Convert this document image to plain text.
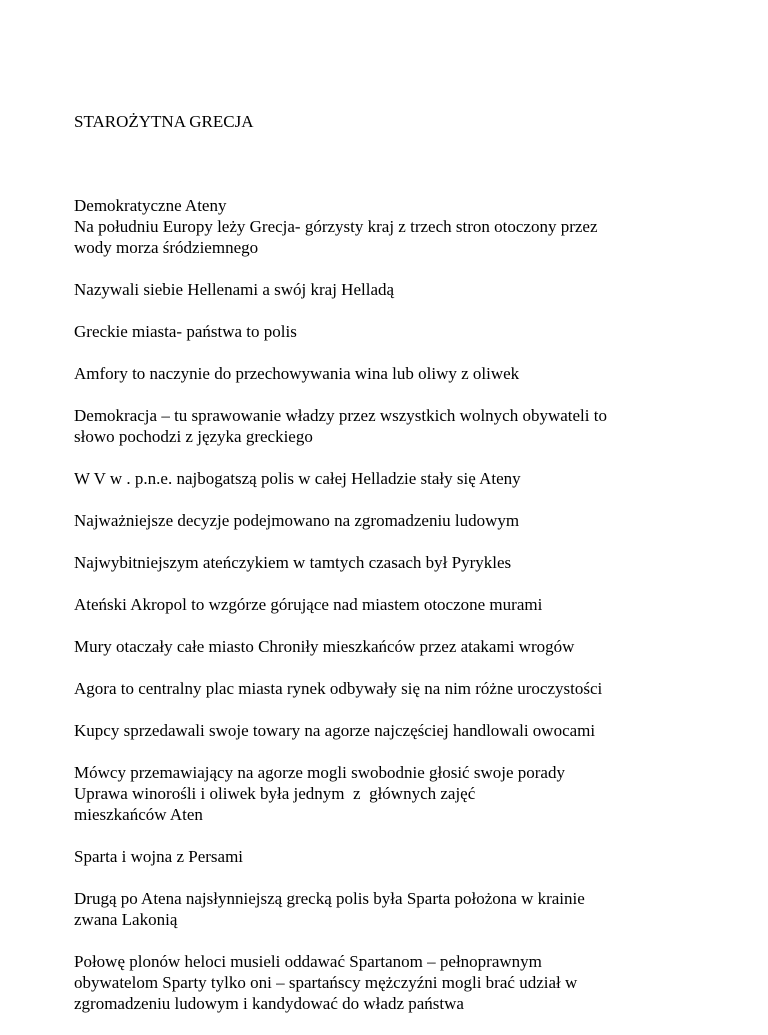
STAROŻYTNA GRECJA

Demokratyczne Ateny
Na południu Europy leży Grecja- górzysty kraj z trzech stron otoczony przez
wody morza śródziemnego

Nazywali siebie Hellenami a swój kraj Helladą

Greckie miasta- państwa to polis

Amfory to naczynie do przechowywania wina lub oliwy z oliwek

Demokracja – tu sprawowanie władzy przez wszystkich wolnych obywateli to
słowo pochodzi z języka greckiego

W V w . p.n.e. najbogatszą polis w całej Helladzie stały się Ateny

Najważniejsze decyzje podejmowano na zgromadzeniu ludowym

Najwybitniejszym ateńczykiem w tamtych czasach był Pyrykles

Ateński Akropol to wzgórze górujące nad miastem otoczone murami

Mury otaczały całe miasto Chroniły mieszkańców przez atakami wrogów

Agora to centralny plac miasta rynek odbywały się na nim różne uroczystości

Kupcy sprzedawali swoje towary na agorze najczęściej handlowali owocami

Mówcy przemawiający na agorze mogli swobodnie głosić swoje porady
Uprawa winorośli i oliwek była jednym  z  głównych zajęć
mieszkańców Aten

Sparta i wojna z Persami

Drugą po Atena najsłynniejszą grecką polis była Sparta położona w krainie
zwana Lakonią

Połowę plonów heloci musieli oddawać Spartanom – pełnoprawnym
obywatelom Sparty tylko oni – spartańscy mężczyźni mogli brać udział w
zgromadzeniu ludowym i kandydować do władz państwa
